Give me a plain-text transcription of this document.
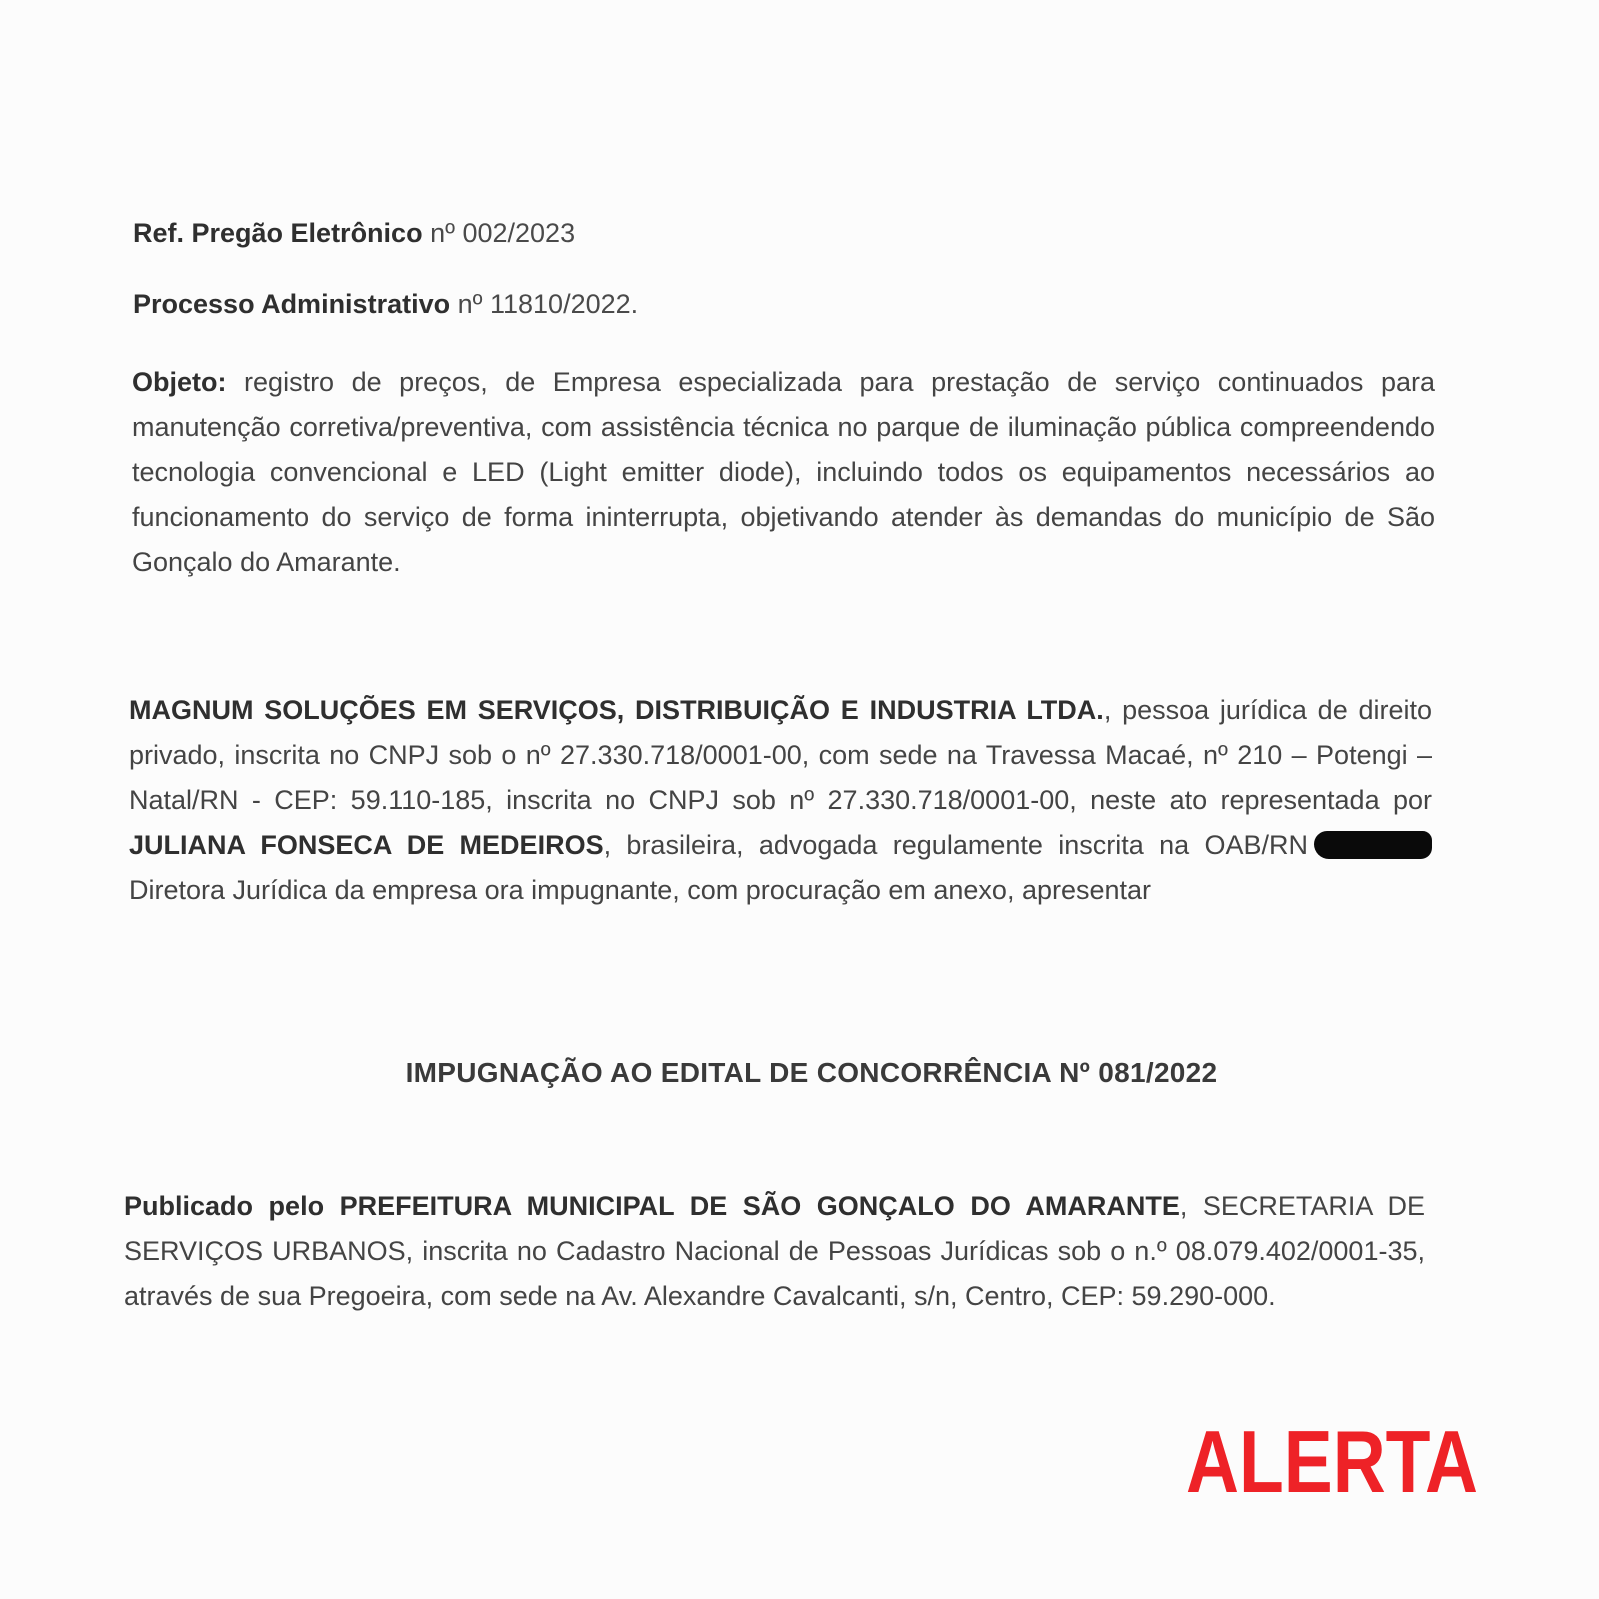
Ref. Pregão Eletrônico nº 002/2023
Processo Administrativo nº 11810/2022.
Objeto: registro de preços, de Empresa especializada para prestação de serviço continuados para manutenção corretiva/preventiva, com assistência técnica no parque de iluminação pública compreendendo tecnologia convencional e LED (Light emitter diode), incluindo todos os equipamentos necessários ao funcionamento do serviço de forma ininterrupta, objetivando atender às demandas do município de São Gonçalo do Amarante.
MAGNUM SOLUÇÕES EM SERVIÇOS, DISTRIBUIÇÃO E INDUSTRIA LTDA., pessoa jurídica de direito privado, inscrita no CNPJ sob o nº 27.330.718/0001-00, com sede na Travessa Macaé, nº 210 – Potengi – Natal/RN - CEP: 59.110-185, inscrita no CNPJ sob nº 27.330.718/0001-00, neste ato representada por JULIANA FONSECA DE MEDEIROS, brasileira, advogada regulamente inscrita na OAB/RNDiretora Jurídica da empresa ora impugnante, com procuração em anexo, apresentar
IMPUGNAÇÃO AO EDITAL DE CONCORRÊNCIA Nº 081/2022
Publicado pelo PREFEITURA MUNICIPAL DE SÃO GONÇALO DO AMARANTE, SECRETARIA DE SERVIÇOS URBANOS, inscrita no Cadastro Nacional de Pessoas Jurídicas sob o n.º 08.079.402/0001-35, através de sua Pregoeira, com sede na Av. Alexandre Cavalcanti, s/n, Centro, CEP: 59.290-000.
ALERTA
